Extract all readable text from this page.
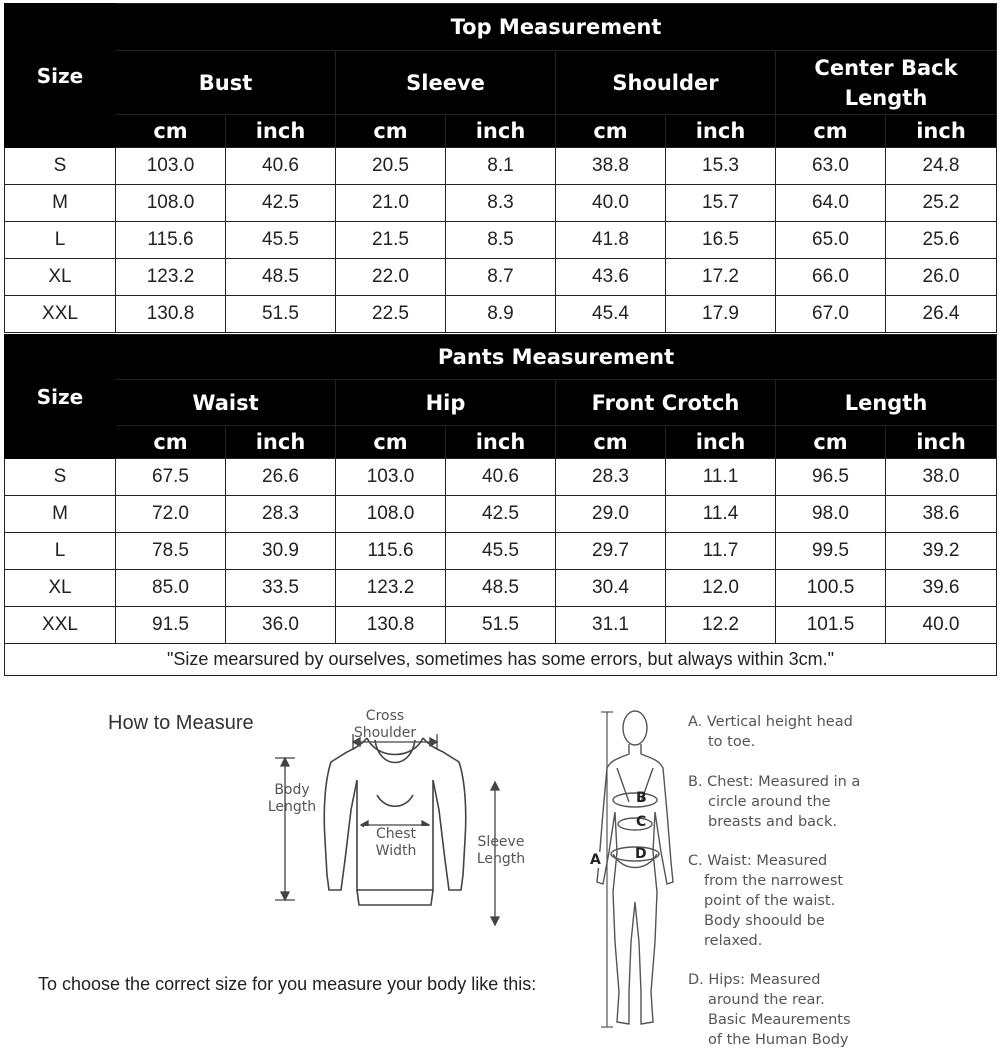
Size	Top Measurement							
	Bust		Sleeve		Shoulder		Center Back Length	
	cm	inch	cm	inch	cm	inch	cm	inch
S	103.0	40.6	20.5	8.1	38.8	15.3	63.0	24.8
M	108.0	42.5	21.0	8.3	40.0	15.7	64.0	25.2
L	115.6	45.5	21.5	8.5	41.8	16.5	65.0	25.6
XL	123.2	48.5	22.0	8.7	43.6	17.2	66.0	26.0
XXL	130.8	51.5	22.5	8.9	45.4	17.9	67.0	26.4
Size	Pants Measurement							
	Waist		Hip		Front Crotch		Length	
	cm	inch	cm	inch	cm	inch	cm	inch
S	67.5	26.6	103.0	40.6	28.3	11.1	96.5	38.0
M	72.0	28.3	108.0	42.5	29.0	11.4	98.0	38.6
L	78.5	30.9	115.6	45.5	29.7	11.7	99.5	39.2
XL	85.0	33.5	123.2	48.5	30.4	12.0	100.5	39.6
XXL	91.5	36.0	130.8	51.5	31.1	12.2	101.5	40.0
"Size mearsured by ourselves, sometimes has some errors, but always within 3cm."								
How to Measure	Cross
Shoulder
Body
Length
Chest
Width
Sleeve
Length
To choose the correct size for you measure your body like this:
A
B
C
D
A. Vertical height head
to toe.
B. Chest: Measured in a
circle around the
breasts and back.
C. Waist: Measured
from the narrowest
point of the waist.
Body shoould be
relaxed.
D. Hips: Measured
around the rear.
Basic Meaurements
of the Human Body
